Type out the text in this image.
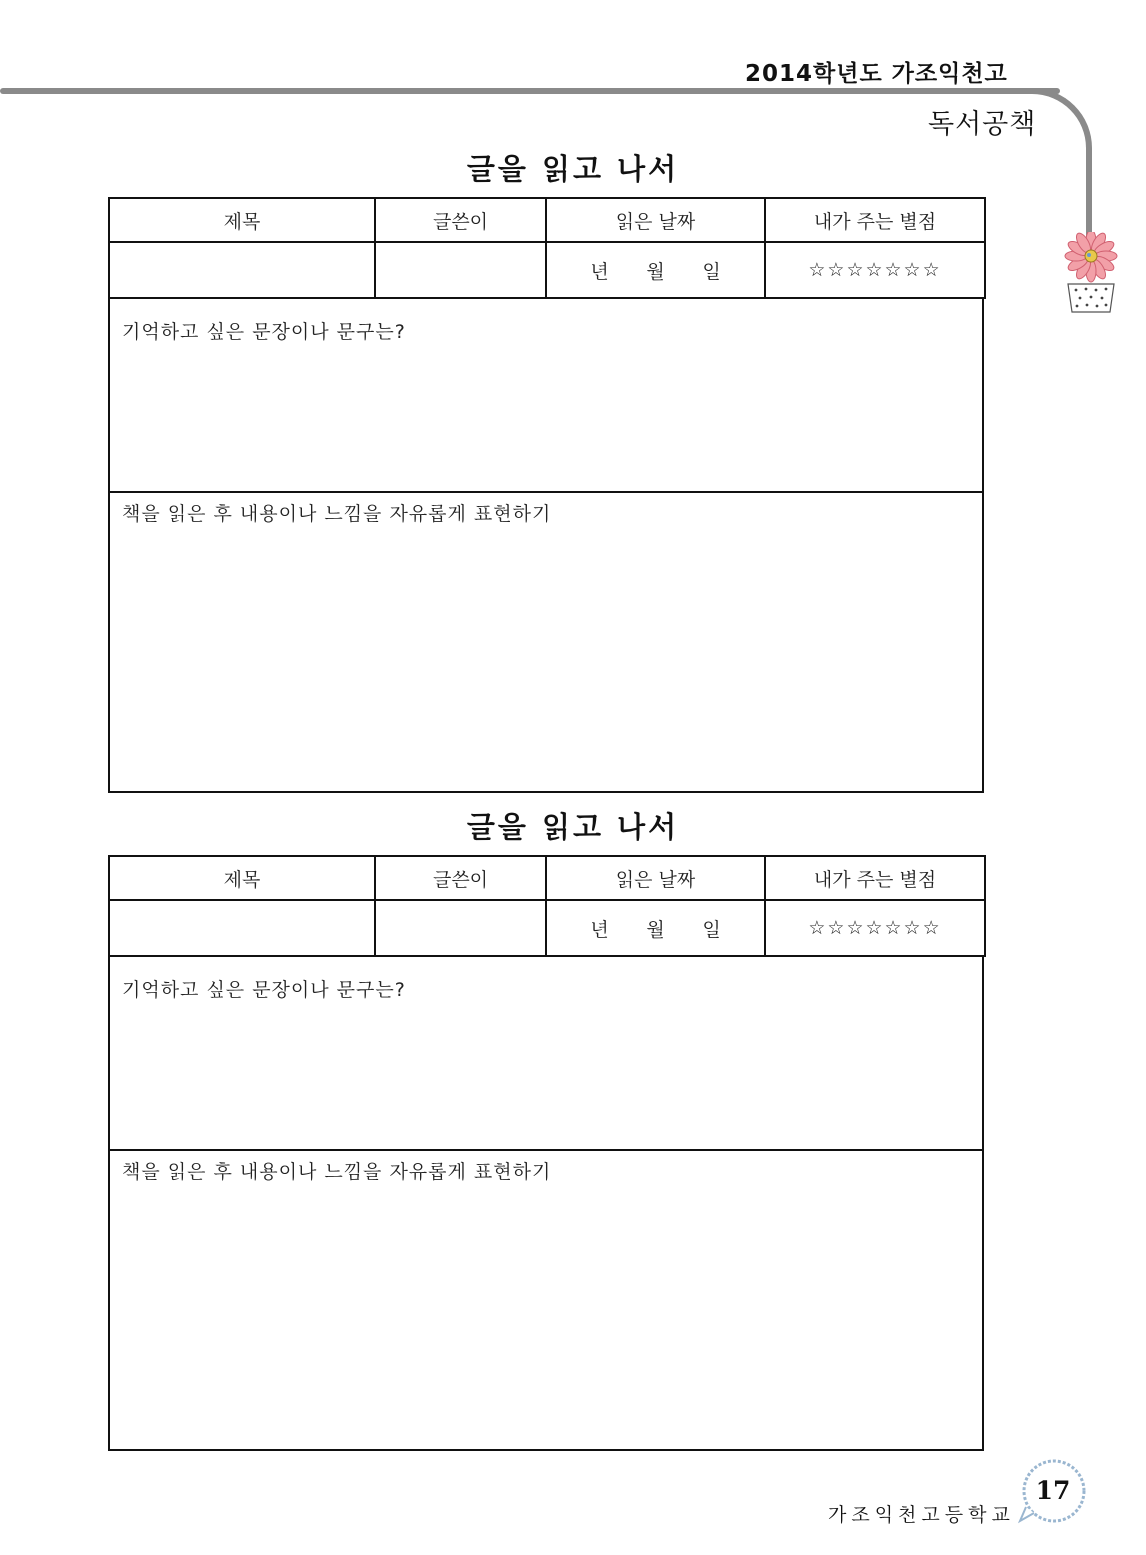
2014학년도 가조익천고
독서공책
글을 읽고 나서
제목	글쓴이	읽은 날짜	내가 주는 별점
		년 월 일	☆☆☆☆☆☆☆
기억하고 싶은 문장이나 문구는?
책을 읽은 후 내용이나 느낌을 자유롭게 표현하기
글을 읽고 나서
제목	글쓴이	읽은 날짜	내가 주는 별점
		년 월 일	☆☆☆☆☆☆☆
기억하고 싶은 문장이나 문구는?
책을 읽은 후 내용이나 느낌을 자유롭게 표현하기
가조익천고등학교
17
